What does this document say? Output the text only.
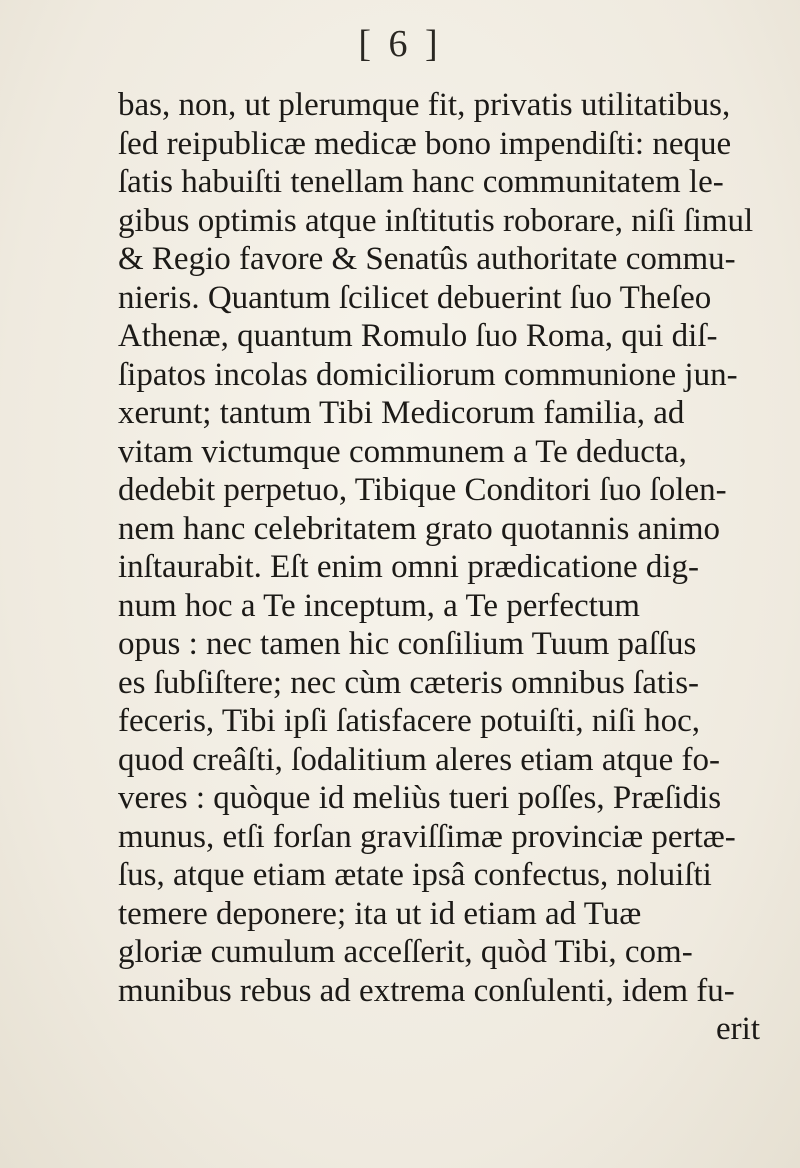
[ 6 ]
bas, non, ut plerumque fit, privatis utilitatibus,
ſed reipublicæ medicæ bono impendiſti: neque
ſatis habuiſti tenellam hanc communitatem le-
gibus optimis atque inſtitutis roborare, niſi ſimul
& Regio favore & Senatûs authoritate commu-
nieris. Quantum ſcilicet debuerint ſuo Theſeo
Athenæ, quantum Romulo ſuo Roma, qui diſ-
ſipatos incolas domiciliorum communione jun-
xerunt; tantum Tibi Medicorum familia, ad
vitam victumque communem a Te deducta,
dedebit perpetuo, Tibique Conditori ſuo ſolen-
nem hanc celebritatem grato quotannis animo
inſtaurabit. Eſt enim omni prædicatione dig-
num hoc a Te inceptum, a Te perfectum
opus : nec tamen hic conſilium Tuum paſſus
es ſubſiſtere; nec cùm cæteris omnibus ſatis-
feceris, Tibi ipſi ſatisfacere potuiſti, niſi hoc,
quod creâſti, ſodalitium aleres etiam atque fo-
veres : quòque id meliùs tueri poſſes, Præſidis
munus, etſi forſan graviſſimæ provinciæ pertæ-
ſus, atque etiam ætate ipsâ confectus, noluiſti
temere deponere; ita ut id etiam ad Tuæ
gloriæ cumulum acceſſerit, quòd Tibi, com-
munibus rebus ad extrema conſulenti, idem fu-
erit
